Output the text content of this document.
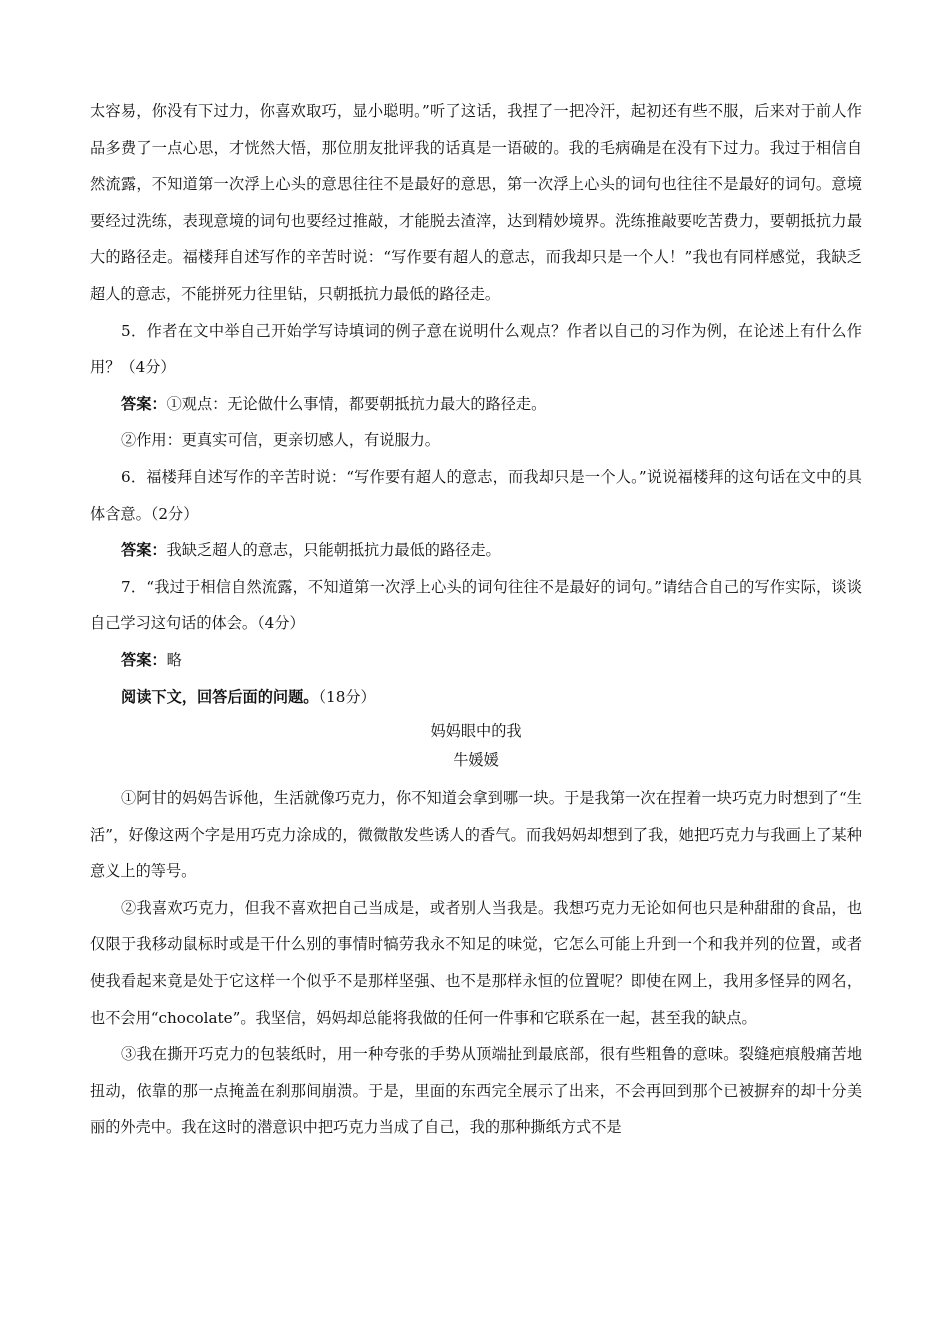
太容易，你没有下过力，你喜欢取巧，显小聪明。”听了这话，我捏了一把冷汗，起初还有些不服，后来对于前人作品多费了一点心思，才恍然大悟，那位朋友批评我的话真是一语破的。我的毛病确是在没有下过力。我过于相信自然流露，不知道第一次浮上心头的意思往往不是最好的意思，第一次浮上心头的词句也往往不是最好的词句。意境要经过洗练，表现意境的词句也要经过推敲，才能脱去渣滓，达到精妙境界。洗练推敲要吃苦费力，要朝抵抗力最大的路径走。福楼拜自述写作的辛苦时说：“写作要有超人的意志，而我却只是一个人！”我也有同样感觉，我缺乏超人的意志，不能拼死力往里钻，只朝抵抗力最低的路径走。

5．作者在文中举自己开始学写诗填词的例子意在说明什么观点？作者以自己的习作为例，在论述上有什么作用？（4分）

答案：①观点：无论做什么事情，都要朝抵抗力最大的路径走。

②作用：更真实可信，更亲切感人，有说服力。

6．福楼拜自述写作的辛苦时说：“写作要有超人的意志，而我却只是一个人。”说说福楼拜的这句话在文中的具体含意。（2分）

答案：我缺乏超人的意志，只能朝抵抗力最低的路径走。

7．“我过于相信自然流露，不知道第一次浮上心头的词句往往不是最好的词句。”请结合自己的写作实际，谈谈自己学习这句话的体会。（4分）

答案：略

阅读下文，回答后面的问题。（18分）

妈妈眼中的我

牛媛媛

①阿甘的妈妈告诉他，生活就像巧克力，你不知道会拿到哪一块。于是我第一次在捏着一块巧克力时想到了“生活”，好像这两个字是用巧克力涂成的，微微散发些诱人的香气。而我妈妈却想到了我，她把巧克力与我画上了某种意义上的等号。

②我喜欢巧克力，但我不喜欢把自己当成是，或者别人当我是。我想巧克力无论如何也只是种甜甜的食品，也仅限于我移动鼠标时或是干什么别的事情时犒劳我永不知足的味觉，它怎么可能上升到一个和我并列的位置，或者使我看起来竟是处于它这样一个似乎不是那样坚强、也不是那样永恒的位置呢？即使在网上，我用多怪异的网名，也不会用“chocolate”。我坚信，妈妈却总能将我做的任何一件事和它联系在一起，甚至我的缺点。

③我在撕开巧克力的包装纸时，用一种夸张的手势从顶端扯到最底部，很有些粗鲁的意味。裂缝疤痕般痛苦地扭动，依靠的那一点掩盖在刹那间崩溃。于是，里面的东西完全展示了出来，不会再回到那个已被摒弃的却十分美丽的外壳中。我在这时的潜意识中把巧克力当成了自己，我的那种撕纸方式不是
